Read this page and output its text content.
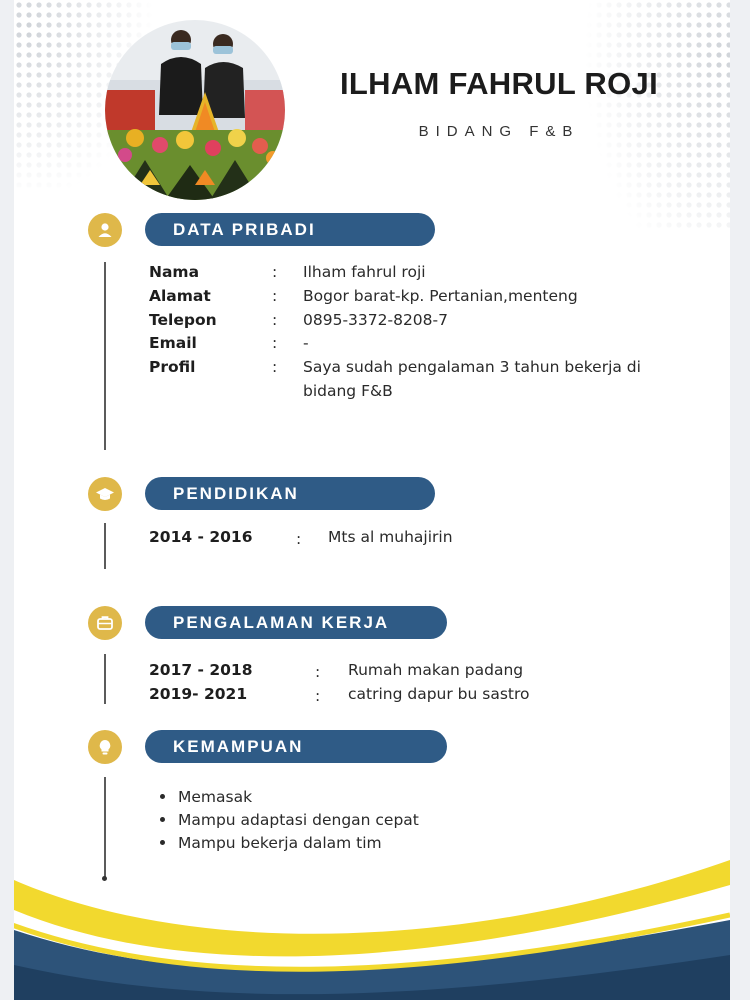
ILHAM FAHRUL ROJI
BIDANG F&B
DATA PRIBADI
Nama
Alamat
Telepon
Email
Profil
:
:
:
:
:
Ilham fahrul roji
Bogor barat-kp. Pertanian,menteng
0895-3372-8208-7
-
Saya sudah pengalaman 3 tahun bekerja di
bidang F&B
PENDIDIKAN
2014 - 2016	: Mts al muhajirin
PENGALAMAN KERJA
2017 - 2018
2019- 2021
:
:
Rumah makan padang
catring dapur bu sastro
KEMAMPUAN
Memasak
Mampu adaptasi dengan cepat
Mampu bekerja dalam tim
